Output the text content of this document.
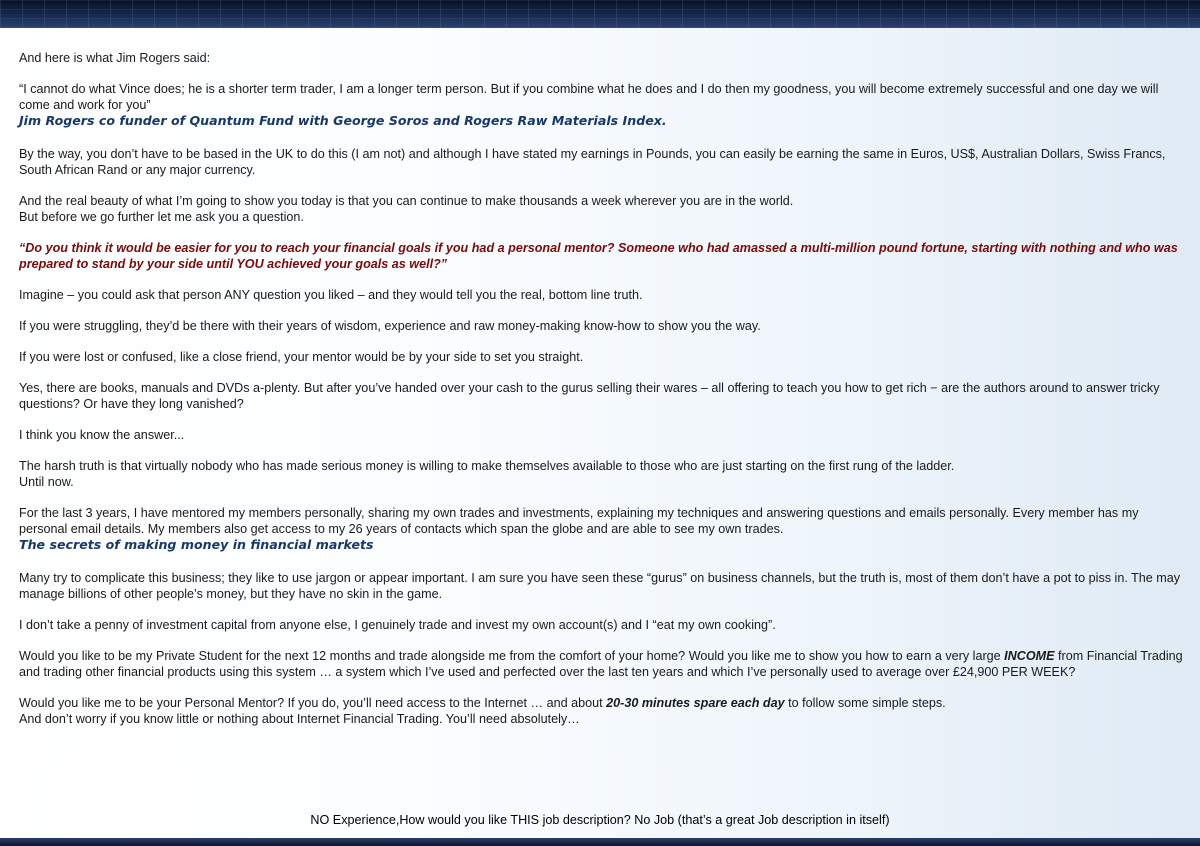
And here is what Jim Rogers said:

“I cannot do what Vince does; he is a shorter term trader, I am a longer term person. But if you combine what he does and I do then my goodness, you will become extremely successful and one day we will come and work for you”

Jim Rogers co funder of Quantum Fund with George Soros and Rogers Raw Materials Index.

By the way, you don’t have to be based in the UK to do this (I am not) and although I have stated my earnings in Pounds, you can easily be earning the same in Euros, US$, Australian Dollars, Swiss Francs, South African Rand or any major currency.

And the real beauty of what I’m going to show you today is that you can continue to make thousands a week wherever you are in the world.

But before we go further let me ask you a question.

“Do you think it would be easier for you to reach your financial goals if you had a personal mentor? Someone who had amassed a multi-million pound fortune, starting with nothing and who was prepared to stand by your side until YOU achieved your goals as well?”

Imagine – you could ask that person ANY question you liked – and they would tell you the real, bottom line truth.

If you were struggling, they’d be there with their years of wisdom, experience and raw money-making know-how to show you the way.

If you were lost or confused, like a close friend, your mentor would be by your side to set you straight.

Yes, there are books, manuals and DVDs a-plenty. But after you’ve handed over your cash to the gurus selling their wares – all offering to teach you how to get rich − are the authors around to answer tricky questions? Or have they long vanished?

I think you know the answer...

The harsh truth is that virtually nobody who has made serious money is willing to make themselves available to those who are just starting on the first rung of the ladder.

Until now.

For the last 3 years, I have mentored my members personally, sharing my own trades and investments, explaining my techniques and answering questions and emails personally. Every member has my personal email details. My members also get access to my 26 years of contacts which span the globe and are able to see my own trades.

The secrets of making money in financial markets

Many try to complicate this business; they like to use jargon or appear important. I am sure you have seen these “gurus” on business channels, but the truth is, most of them don’t have a pot to piss in. The may manage billions of other people’s money, but they have no skin in the game.

I don’t take a penny of investment capital from anyone else, I genuinely trade and invest my own account(s) and I “eat my own cooking”.

Would you like to be my Private Student for the next 12 months and trade alongside me from the comfort of your home? Would you like me to show you how to earn a very large INCOME from Financial Trading and trading other financial products using this system … a system which I’ve used and perfected over the last ten years and which I’ve personally used to average over £24,900 PER WEEK?

Would you like me to be your Personal Mentor? If you do, you’ll need access to the Internet … and about 20-30 minutes spare each day to follow some simple steps.

And don’t worry if you know little or nothing about Internet Financial Trading. You’ll need absolutely…

NO Experience,How would you like THIS job description? No Job (that’s a great Job description in itself)
